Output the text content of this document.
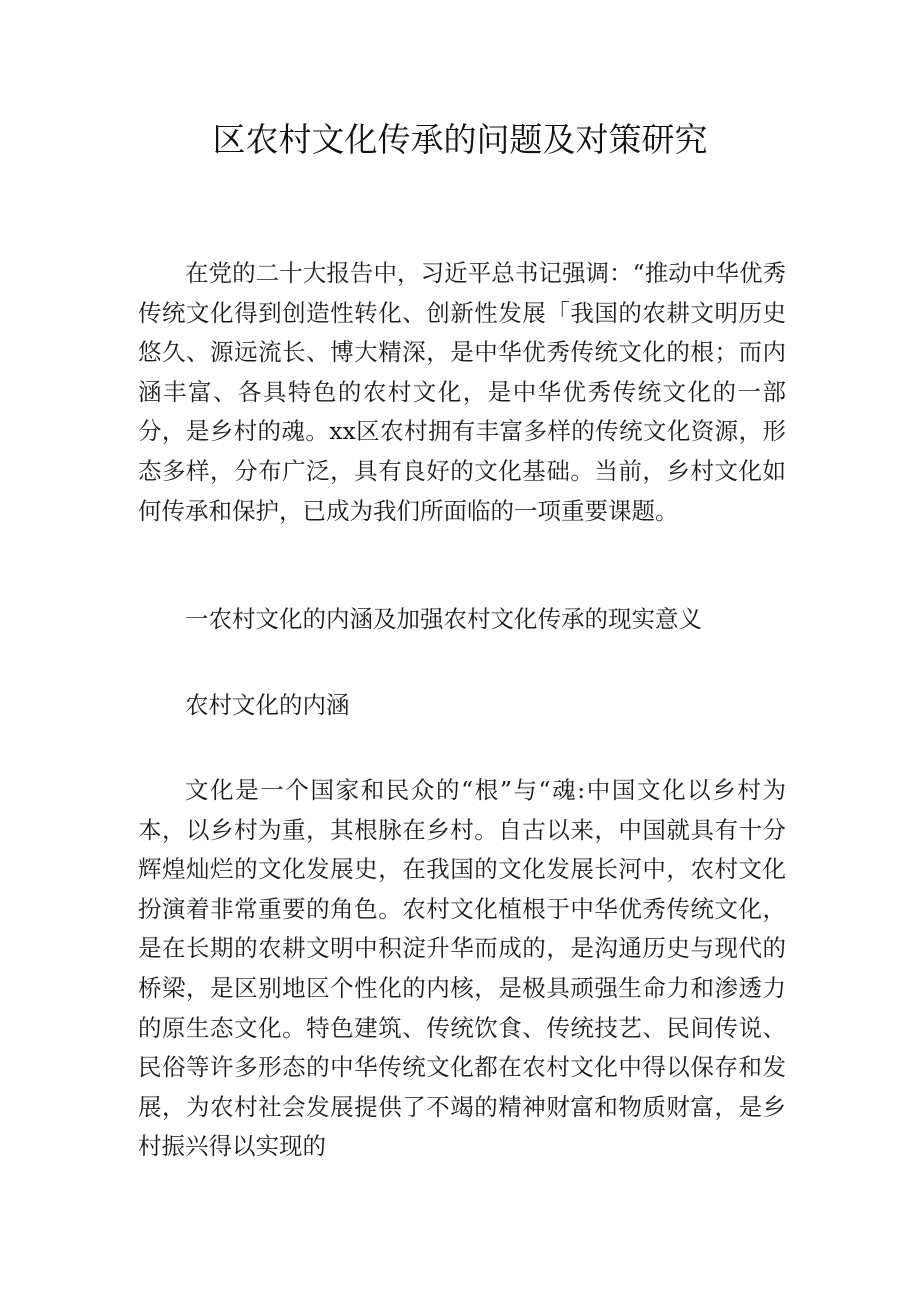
区农村文化传承的问题及对策研究

在党的二十大报告中，习近平总书记强调：“推动中华优秀传统文化得到创造性转化、创新性发展「我国的农耕文明历史悠久、源远流长、博大精深，是中华优秀传统文化的根；而内涵丰富、各具特色的农村文化，是中华优秀传统文化的一部分，是乡村的魂。xx区农村拥有丰富多样的传统文化资源，形态多样，分布广泛，具有良好的文化基础。当前，乡村文化如何传承和保护，已成为我们所面临的一项重要课题。

一农村文化的内涵及加强农村文化传承的现实意义

农村文化的内涵

文化是一个国家和民众的“根”与“魂:中国文化以乡村为本，以乡村为重，其根脉在乡村。自古以来，中国就具有十分辉煌灿烂的文化发展史，在我国的文化发展长河中，农村文化扮演着非常重要的角色。农村文化植根于中华优秀传统文化，是在长期的农耕文明中积淀升华而成的，是沟通历史与现代的桥梁，是区别地区个性化的内核，是极具顽强生命力和渗透力的原生态文化。特色建筑、传统饮食、传统技艺、民间传说、民俗等许多形态的中华传统文化都在农村文化中得以保存和发展，为农村社会发展提供了不竭的精神财富和物质财富，是乡村振兴得以实现的
